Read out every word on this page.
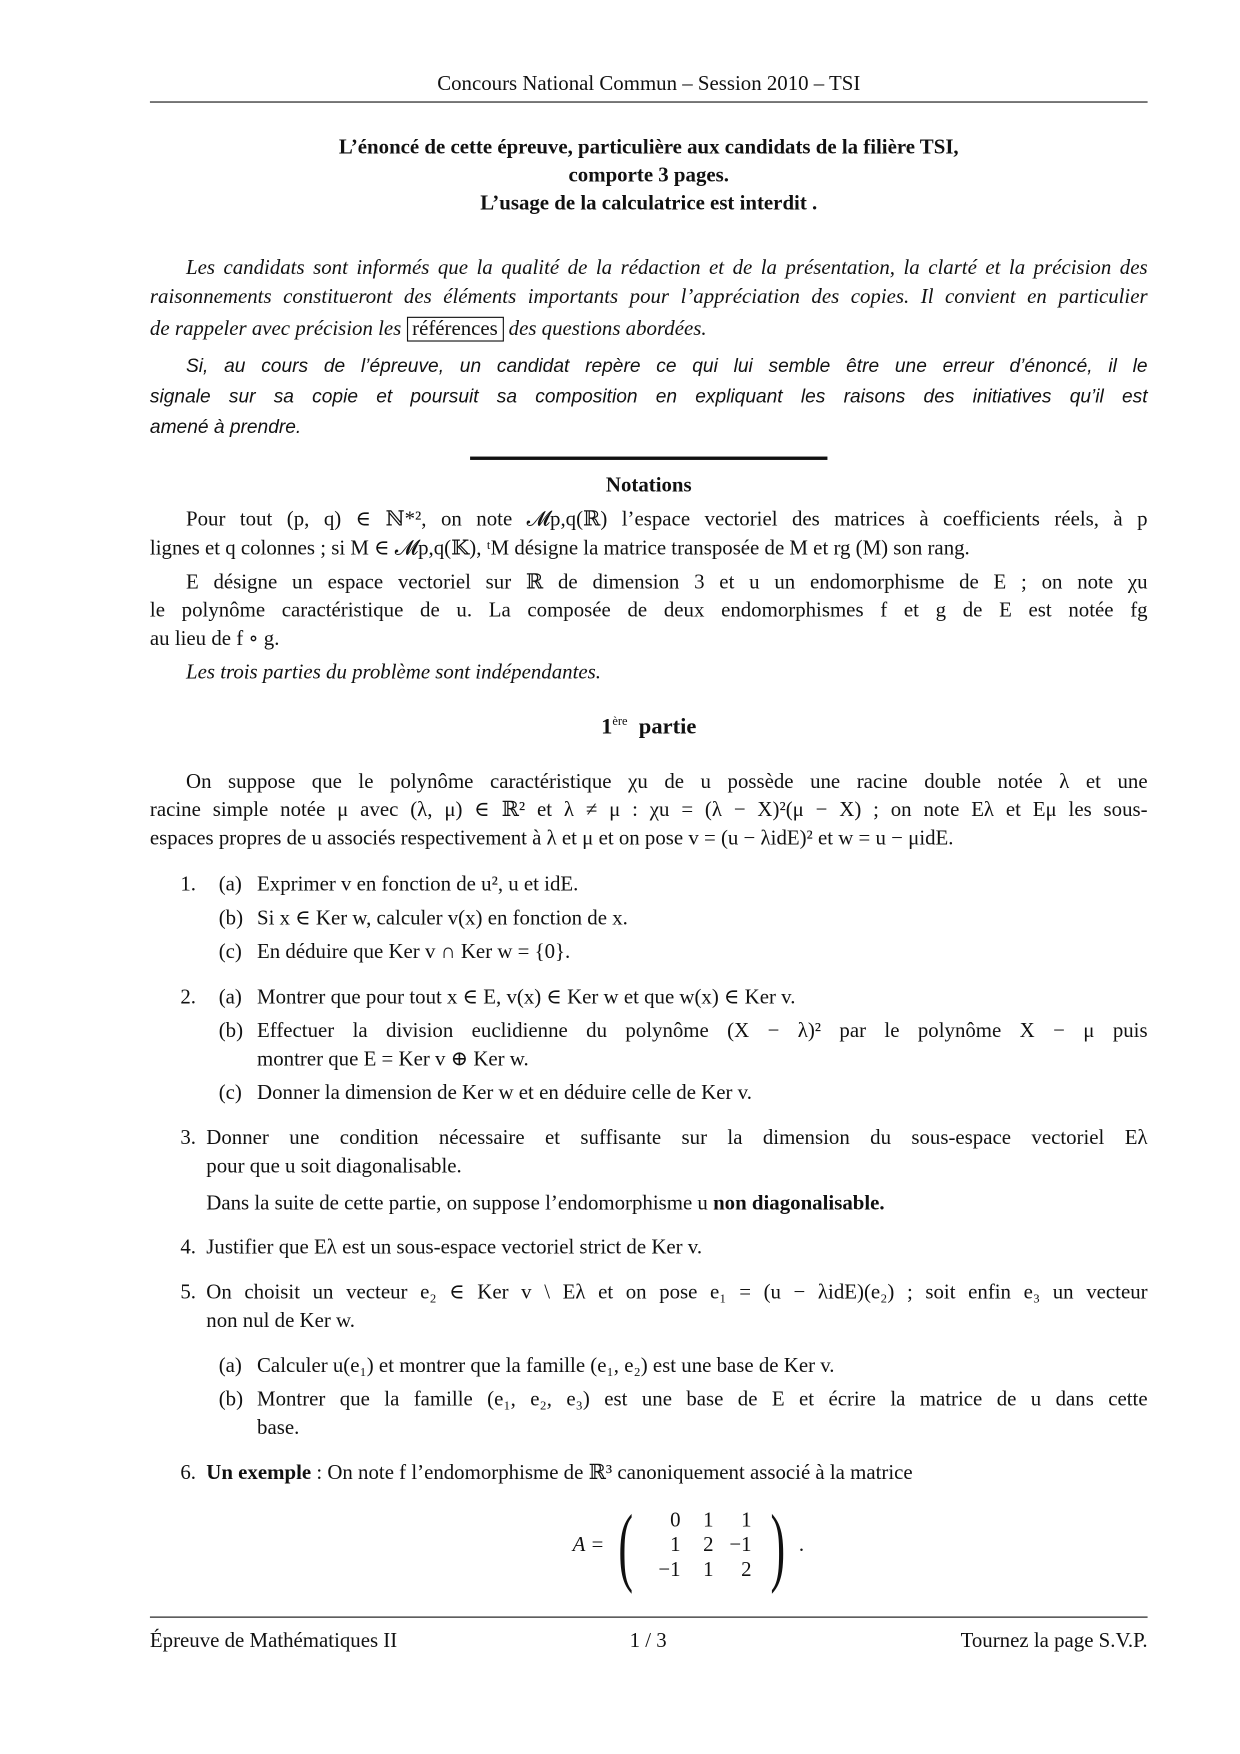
Concours National Commun – Session 2010 – TSI
L’énoncé de cette épreuve, particulière aux candidats de la filière TSI,
comporte 3 pages.
L’usage de la calculatrice est interdit .
Les candidats sont informés que la qualité de la rédaction et de la présentation, la clarté et la précision des
raisonnements constitueront des éléments importants pour l’appréciation des copies. Il convient en particulier
de rappeler avec précision les références des questions abordées.
Si, au cours de l’épreuve, un candidat repère ce qui lui semble être une erreur d’énoncé, il le
signale sur sa copie et poursuit sa composition en expliquant les raisons des initiatives qu’il est
amené à prendre.
Notations
Pour tout (p, q) ∈ ℕ*², on note 𝓜p,q(ℝ) l’espace vectoriel des matrices à coefficients réels, à p
lignes et q colonnes ; si M ∈ 𝓜p,q(𝕂), ᵗM désigne la matrice transposée de M et rg (M) son rang.
E désigne un espace vectoriel sur ℝ de dimension 3 et u un endomorphisme de E ; on note χu
le polynôme caractéristique de u. La composée de deux endomorphismes f et g de E est notée fg
au lieu de f ∘ g.
Les trois parties du problème sont indépendantes.
1ère partie
On suppose que le polynôme caractéristique χu de u possède une racine double notée λ et une
racine simple notée μ avec (λ, μ) ∈ ℝ² et λ ≠ μ : χu = (λ − X)²(μ − X) ; on note Eλ et Eμ les sous-
espaces propres de u associés respectivement à λ et μ et on pose v = (u − λidE)² et w = u − μidE.
1. (a) Exprimer v en fonction de u², u et idE.
(b) Si x ∈ Ker w, calculer v(x) en fonction de x.
(c) En déduire que Ker v ∩ Ker w = {0}.
2. (a) Montrer que pour tout x ∈ E, v(x) ∈ Ker w et que w(x) ∈ Ker v.
(b) Effectuer la division euclidienne du polynôme (X − λ)² par le polynôme X − μ puis
montrer que E = Ker v ⊕ Ker w.
(c) Donner la dimension de Ker w et en déduire celle de Ker v.
3. Donner une condition nécessaire et suffisante sur la dimension du sous-espace vectoriel Eλ
pour que u soit diagonalisable.
Dans la suite de cette partie, on suppose l’endomorphisme u non diagonalisable.
4. Justifier que Eλ est un sous-espace vectoriel strict de Ker v.
5. On choisit un vecteur e₂ ∈ Ker v \ Eλ et on pose e₁ = (u − λidE)(e₂) ; soit enfin e₃ un vecteur
non nul de Ker w.
(a) Calculer u(e₁) et montrer que la famille (e₁, e₂) est une base de Ker v.
(b) Montrer que la famille (e₁, e₂, e₃) est une base de E et écrire la matrice de u dans cette
base.
6. Un exemple : On note f l’endomorphisme de ℝ³ canoniquement associé à la matrice
A = ( 0	1	1
1	2	−1
−1	1	2 ) .
Épreuve de Mathématiques II	1 / 3	Tournez la page S.V.P.
